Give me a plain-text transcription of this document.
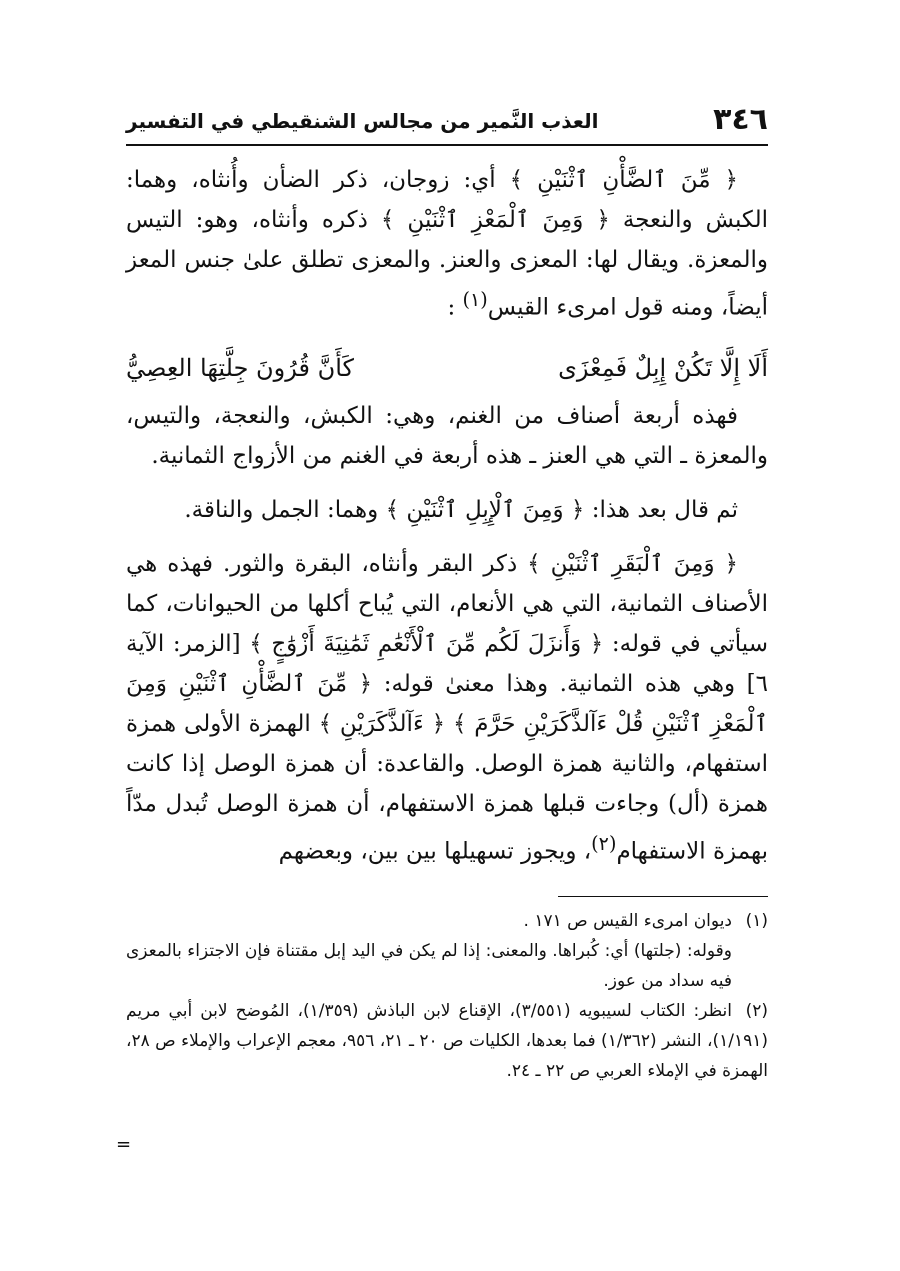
٣٤٦
العذب النَّمير من مجالس الشنقيطي في التفسير

﴿ مِّنَ ٱلضَّأْنِ ٱثْنَيْنِ ﴾ أي: زوجان، ذكر الضأن وأُنثاه، وهما: الكبش والنعجة ﴿ وَمِنَ ٱلْمَعْزِ ٱثْنَيْنِ ﴾ ذكره وأنثاه، وهو: التيس والمعزة. ويقال لها: المعزى والعنز. والمعزى تطلق علىٰ جنس المعز أيضاً، ومنه قول امرىء القيس$^{(١)}$ :

أَلَا إِلَّا تَكُنْ إِبِلٌ فَمِعْزَى
كَأَنَّ قُرُونَ جِلَّتِهَا العِصِيُّ

فهذه أربعة أصناف من الغنم، وهي: الكبش، والنعجة، والتيس، والمعزة ـ التي هي العنز ـ هذه أربعة في الغنم من الأزواج الثمانية.

ثم قال بعد هذا: ﴿ وَمِنَ ٱلْإِبِلِ ٱثْنَيْنِ ﴾ وهما: الجمل والناقة.

﴿ وَمِنَ ٱلْبَقَرِ ٱثْنَيْنِ ﴾ ذكر البقر وأنثاه، البقرة والثور. فهذه هي الأصناف الثمانية، التي هي الأنعام، التي يُباح أكلها من الحيوانات، كما سيأتي في قوله: ﴿ وَأَنزَلَ لَكُم مِّنَ ٱلْأَنْعَٰمِ ثَمَٰنِيَةَ أَزْوَٰجٍ ﴾ [الزمر: الآية ٦] وهي هذه الثمانية. وهذا معنىٰ قوله: ﴿ مِّنَ ٱلضَّأْنِ ٱثْنَيْنِ وَمِنَ ٱلْمَعْزِ ٱثْنَيْنِ قُلْ ءَآلذَّكَرَيْنِ حَرَّمَ ﴾ ﴿ ءَآلذَّكَرَيْنِ ﴾ الهمزة الأولى همزة استفهام، والثانية همزة الوصل. والقاعدة: أن همزة الوصل إذا كانت همزة (أل) وجاءت قبلها همزة الاستفهام، أن همزة الوصل تُبدل مدّاً بهمزة الاستفهام$^{(٢)}$، ويجوز تسهيلها بين بين، وبعضهم

(١)ديوان امرىء القيس ص ١٧١ .

وقوله: (جلتها) أي: كُبراها. والمعنى: إذا لم يكن في اليد إبل مقتناة فإن الاجتزاء بالمعزى فيه سداد من عوز.

(٢)انظر: الكتاب لسيبويه (٣/٥٥١)، الإقناع لابن الباذش (١/٣٥٩)، المُوضح لابن أبي مريم (١/١٩١)، النشر (١/٣٦٢) فما بعدها، الكليات ص ٢٠ ـ ٢١، ٩٥٦، معجم الإعراب والإملاء ص ٢٨، الهمزة في الإملاء العربي ص ٢٢ ـ ٢٤.

=
